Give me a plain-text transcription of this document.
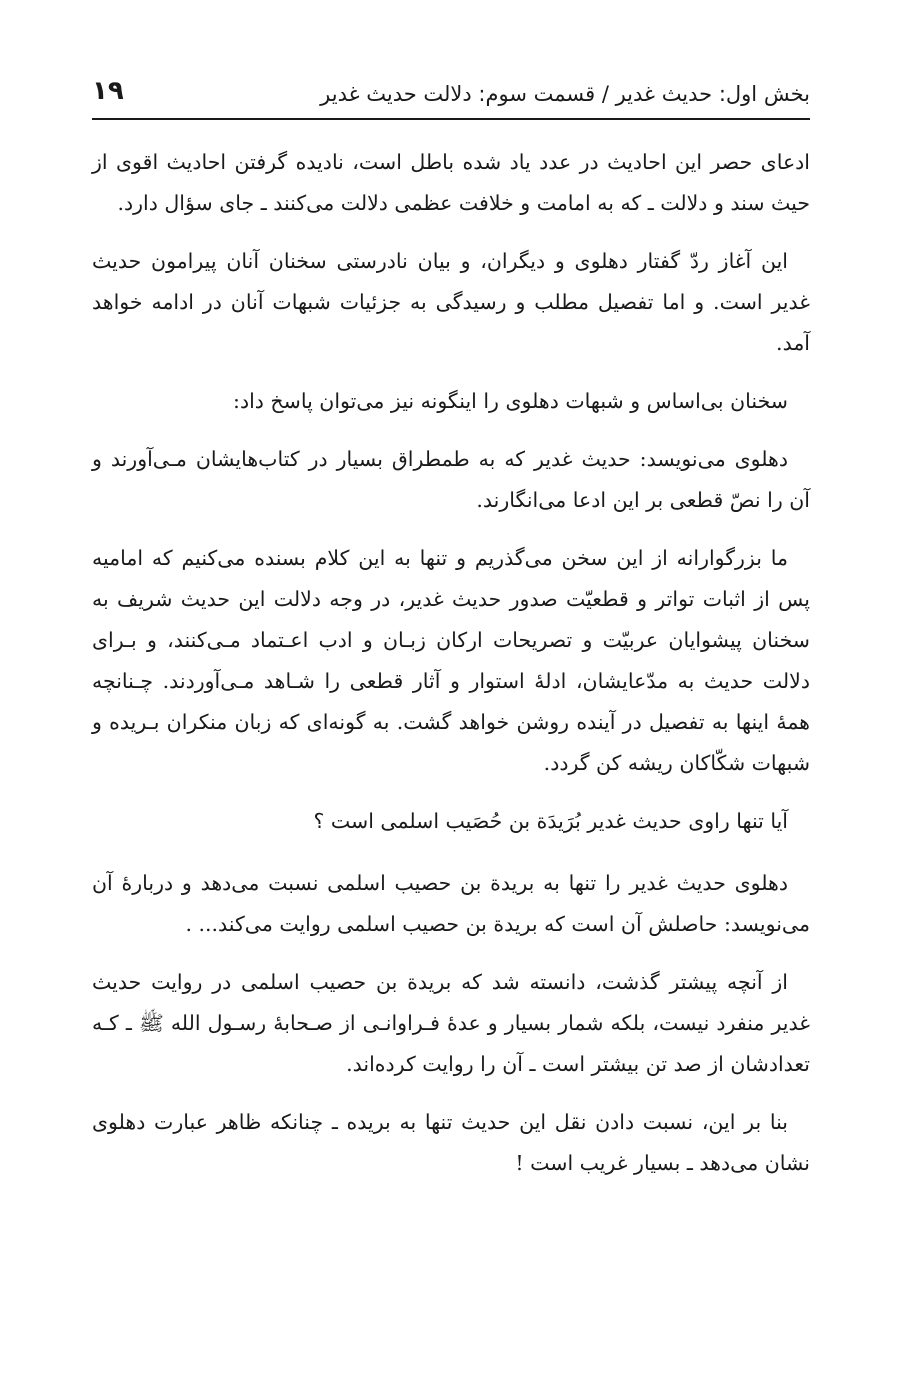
بخش اول: حدیث غدیر / قسمت سوم: دلالت حدیث غدیر
۱۹

ادعای حصر این احادیث در عدد یاد شده باطل است، نادیده گرفتن احادیث اقوی از حیث سند و دلالت ـ که به امامت و خلافت عظمی دلالت می‌کنند ـ جای سؤال دارد.

این آغاز ردّ گفتار دهلوی و دیگران، و بیان نادرستی سخنان آنان پیرامون حدیث غدیر است. و اما تفصیل مطلب و رسیدگی به جزئیات شبهات آنان در ادامه خواهد آمد.

سخنان بی‌اساس و شبهات دهلوی را اینگونه نیز می‌توان پاسخ داد:

دهلوی می‌نویسد: حدیث غدیر که به طمطراق بسیار در کتاب‌هایشان مـی‌آورند و آن را نصّ قطعی بر این ادعا می‌انگارند.

ما بزرگوارانه از این سخن می‌گذریم و تنها به این کلام بسنده می‌کنیم که امامیه پس از اثبات تواتر و قطعیّت صدور حدیث غدیر، در وجه دلالت این حدیث شریف به سخنان پیشوایان عربیّت و تصریحات ارکان زبـان و ادب اعـتماد مـی‌کنند، و بـرای دلالت حدیث به مدّعایشان، ادلهٔ استوار و آثار قطعی را شـاهد مـی‌آوردند. چـنانچه همهٔ اینها به تفصیل در آینده روشن خواهد گشت. به گونه‌ای که زبان منکران بـریده و شبهات شکّاکان ریشه کن گردد.

آیا تنها راوی حدیث غدیر بُرَیدَة بن حُصَیب اسلمی است ؟

دهلوی حدیث غدیر را تنها به بریدة بن حصیب اسلمی نسبت می‌دهد و دربارهٔ آن می‌نویسد: حاصلش آن است که بریدة بن حصیب اسلمی روایت می‌کند... .

از آنچه پیشتر گذشت، دانسته شد که بریدة بن حصیب اسلمی در روایت حدیث غدیر منفرد نیست، بلکه شمار بسیار و عدهٔ فـراوانـی از صـحابهٔ رسـول الله ﷺ ـ کـه تعدادشان از صد تن بیشتر است ـ آن را روایت کرده‌اند.

بنا بر این، نسبت دادن نقل این حدیث تنها به بریده ـ چنانکه ظاهر عبارت دهلوی نشان می‌دهد ـ بسیار غریب است !
